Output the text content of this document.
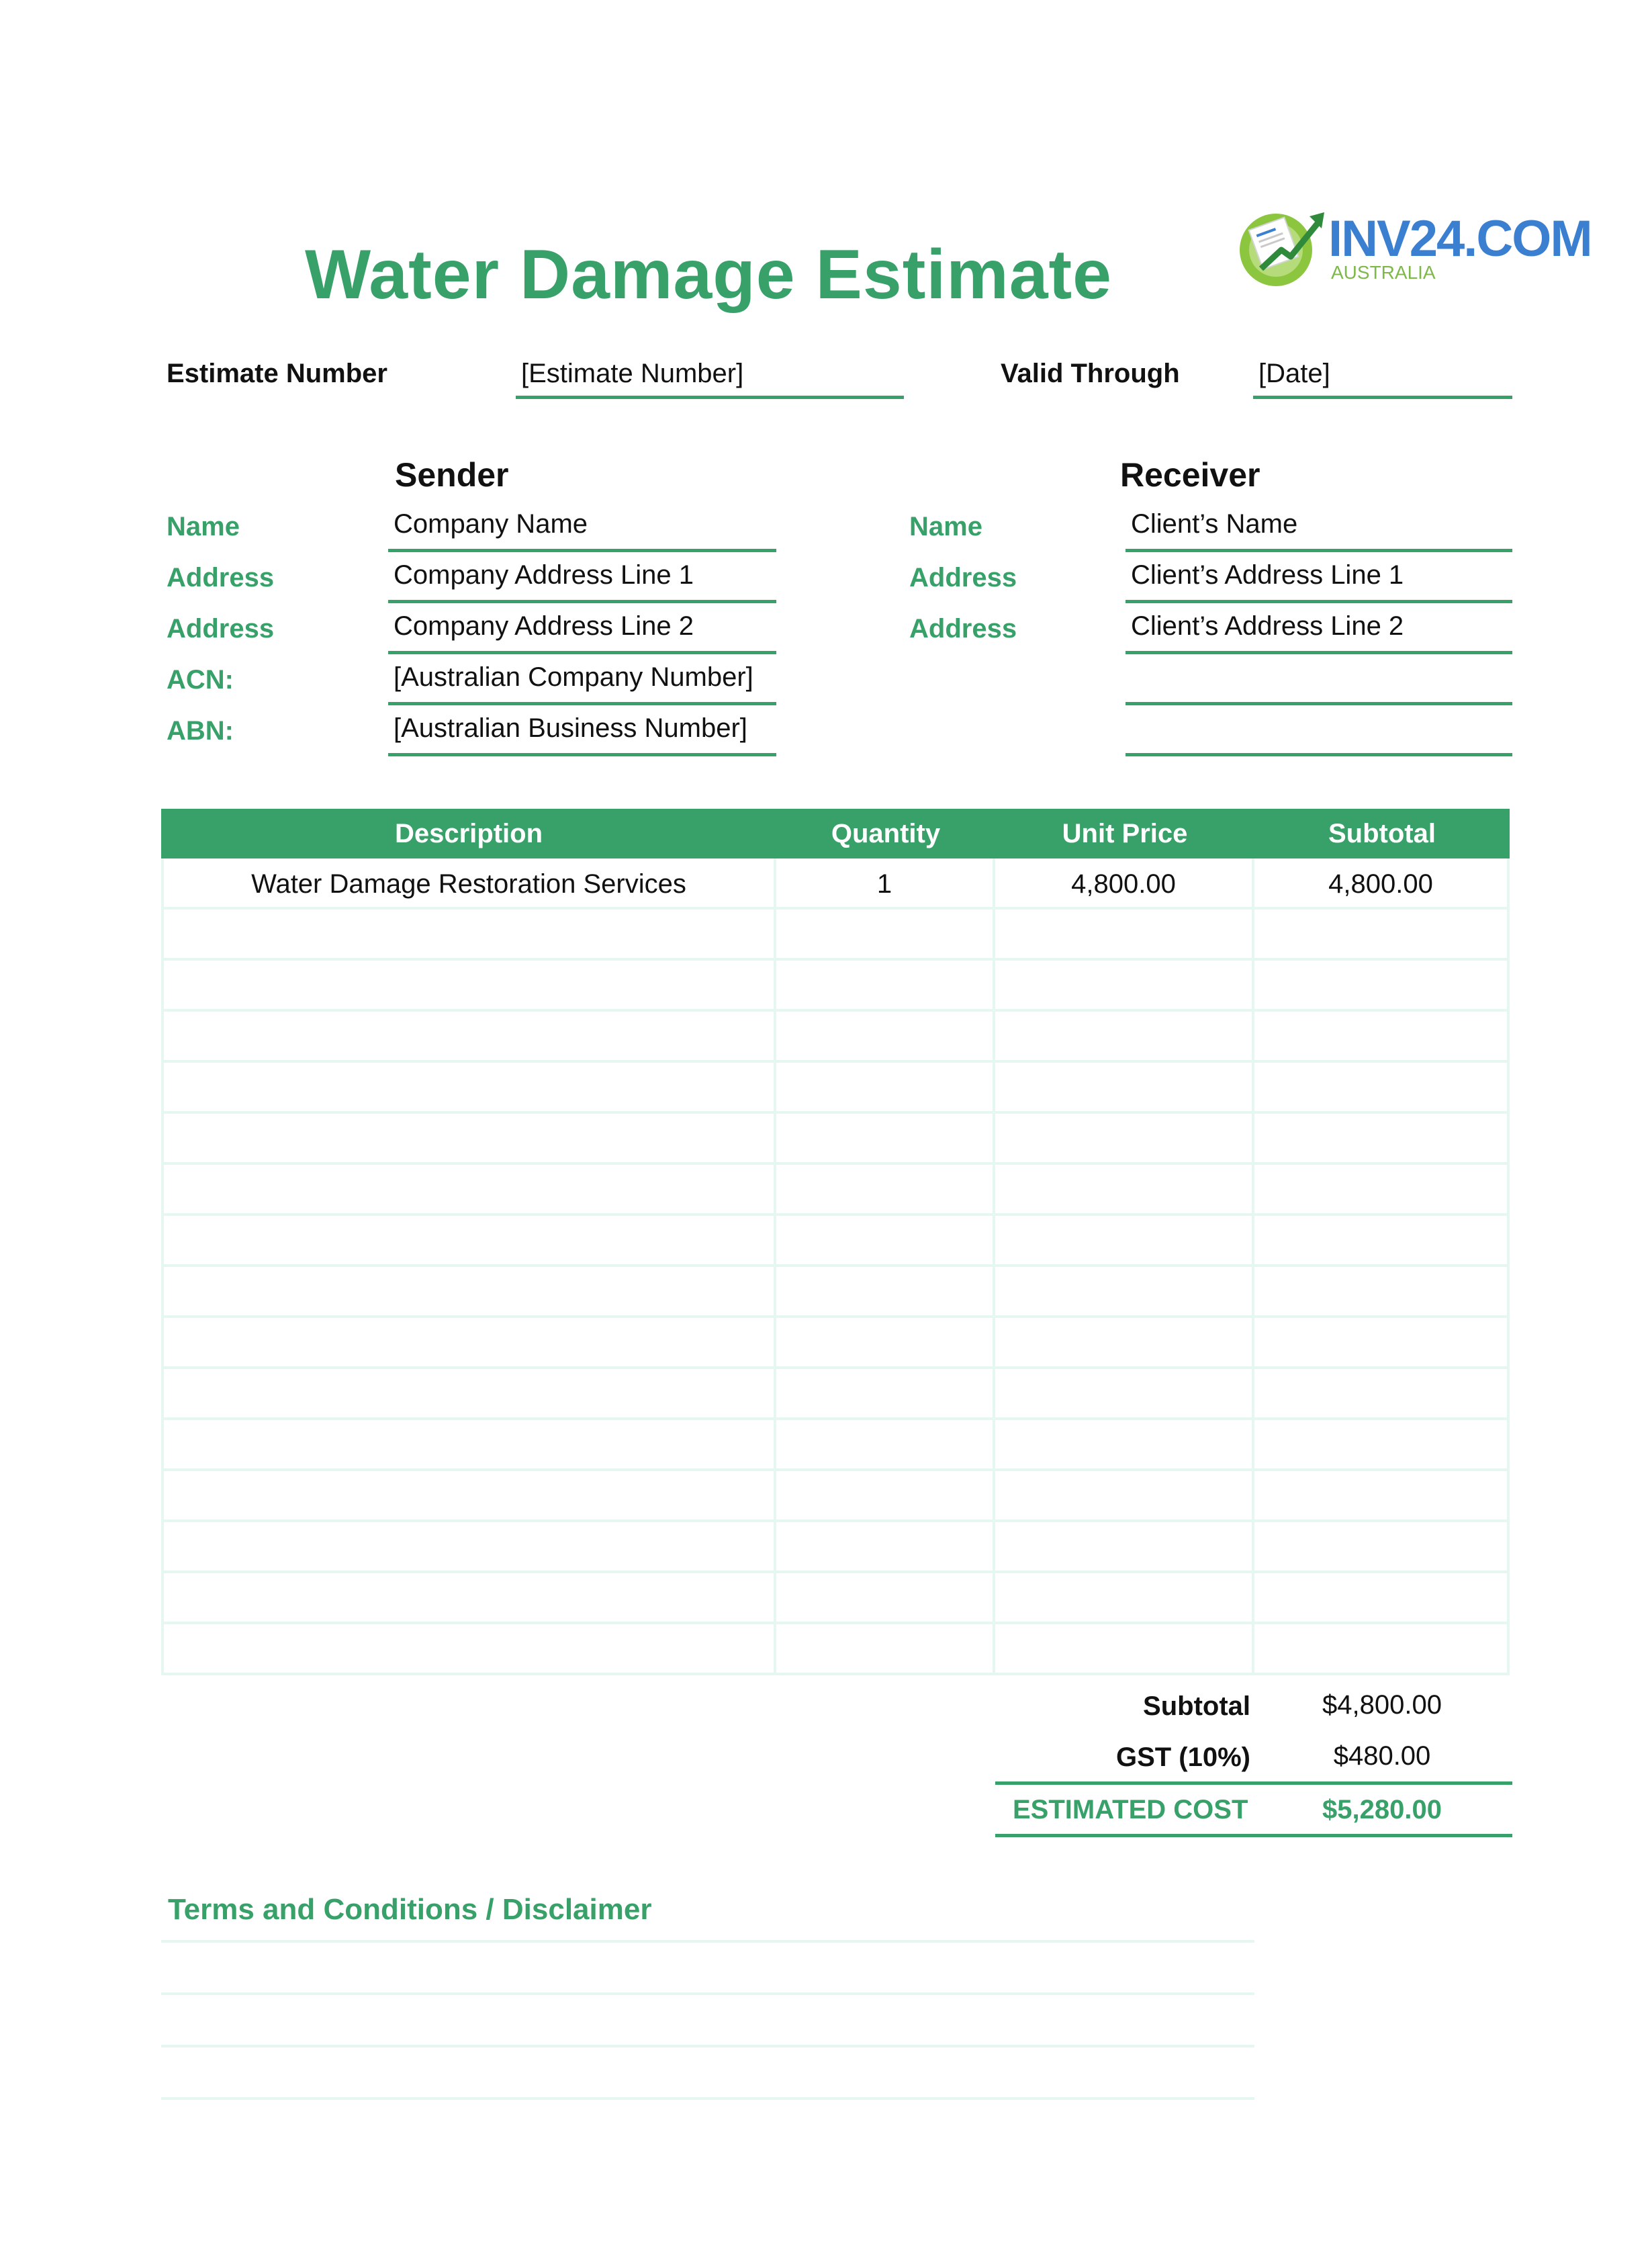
Water Damage Estimate	INV24.COM
AUSTRALIA
Estimate Number	[Estimate Number]	Valid Through	[Date]
Sender	Receiver
Name	Company Name
Address	Company Address Line 1
Address	Company Address Line 2
ACN:	[Australian Company Number]
ABN:	[Australian Business Number]
Name	Client’s Name
Address	Client’s Address Line 1
Address	Client’s Address Line 2
Description	Quantity	Unit Price	Subtotal
Water Damage Restoration Services	1	4,800.00	4,800.00
Subtotal	$4,800.00
GST (10%)	$480.00
ESTIMATED COST	$5,280.00
Terms and Conditions / Disclaimer
